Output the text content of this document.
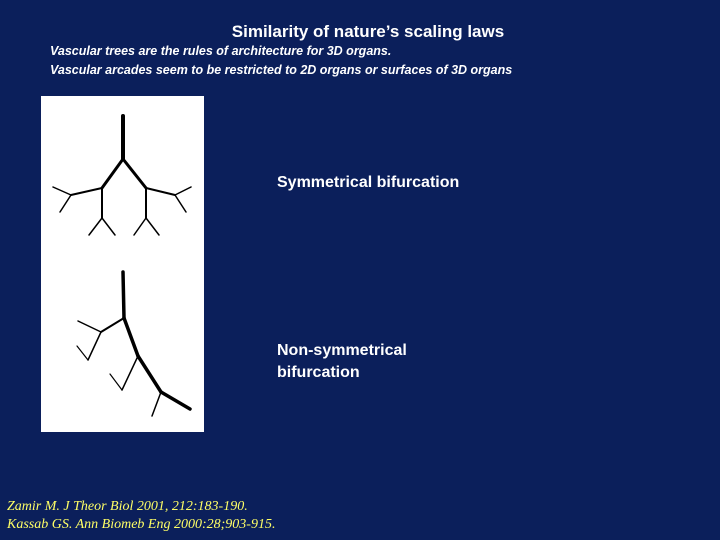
Similarity of nature’s scaling laws
Vascular trees are the rules of architecture for 3D organs.
Vascular arcades seem to be restricted to 2D organs or surfaces of 3D organs
Symmetrical bifurcation
Non-symmetrical bifurcation
Zamir M. J Theor Biol 2001, 212:183-190.
Kassab GS. Ann Biomeb Eng 2000:28;903-915.
